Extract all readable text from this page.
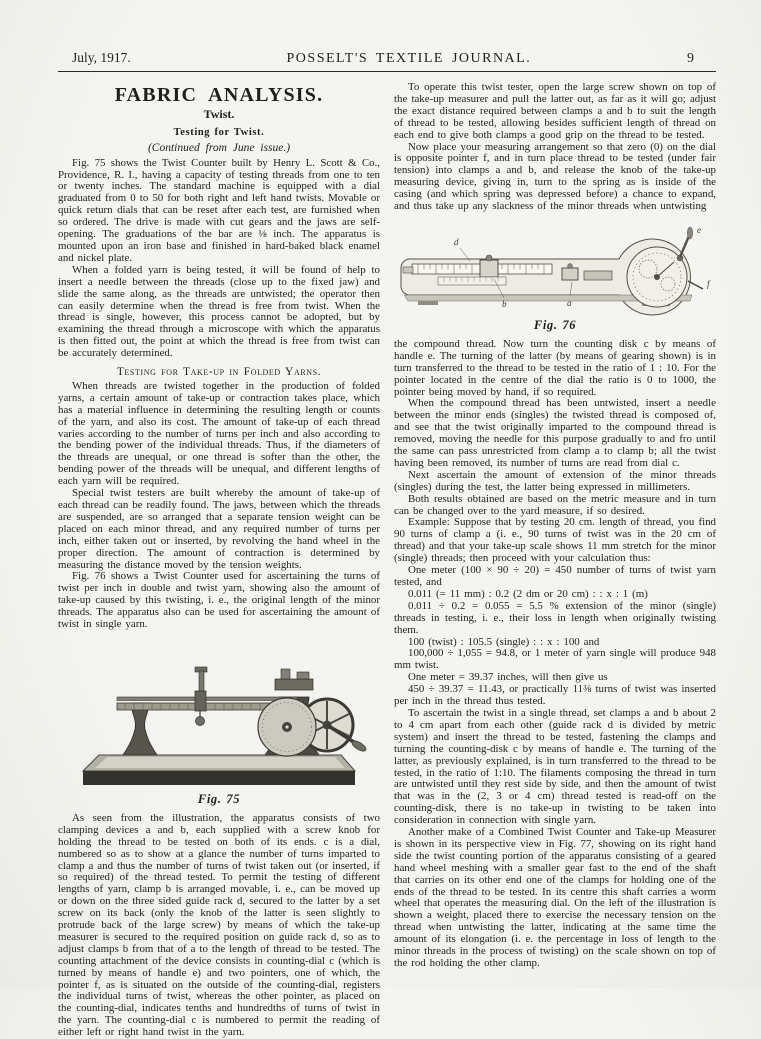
July, 1917.	POSSELT'S TEXTILE JOURNAL.	9
FABRIC ANALYSIS.
Twist.
Testing for Twist.
(Continued from June issue.)

Fig. 75 shows the Twist Counter built by Henry L. Scott & Co., Providence, R. I., having a capacity of testing threads from one to ten or twenty inches. The standard machine is equipped with a dial graduated from 0 to 50 for both right and left hand twists. Movable or quick return dials that can be reset after each test, are furnished when so ordered. The drive is made with cut gears and the jaws are self-opening. The graduations of the bar are ⅛ inch. The apparatus is mounted upon an iron base and finished in hard-baked black enamel and nickel plate.

When a folded yarn is being tested, it will be found of help to insert a needle between the threads (close up to the fixed jaw) and slide the same along, as the threads are untwisted; the operator then can easily determine when the thread is free from twist. When the thread is single, however, this process cannot be adopted, but by examining the thread through a microscope with which the apparatus is then fitted out, the point at which the thread is free from twist can be accurately determined.

Testing for Take-up in Folded Yarns.

When threads are twisted together in the production of folded yarns, a certain amount of take-up or contraction takes place, which has a material influence in determining the resulting length or counts of the yarn, and also its cost. The amount of take-up of each thread varies according to the number of turns per inch and also according to the bending power of the individual threads. Thus, if the diameters of the threads are unequal, or one thread is softer than the other, the bending power of the threads will be unequal, and different lengths of each yarn will be required.

Special twist testers are built whereby the amount of take-up of each thread can be readily found. The jaws, between which the threads are suspended, are so arranged that a separate tension weight can be placed on each minor thread, and any required number of turns per inch, either taken out or inserted, by revolving the hand wheel in the proper direction. The amount of contraction is determined by measuring the distance moved by the tension weights.

Fig. 76 shows a Twist Counter used for ascertaining the turns of twist per inch in double and twist yarn, showing also the amount of take-up caused by this twisting, i. e., the original length of the minor threads. The apparatus also can be used for ascertaining the amount of twist in single yarn.

Fig. 75

As seen from the illustration, the apparatus consists of two clamping devices a and b, each supplied with a screw knob for holding the thread to be tested on both of its ends. c is a dial, numbered so as to show at a glance the number of turns imparted to clamp a and thus the number of turns of twist taken out (or inserted, if so required) of the thread tested. To permit the testing of different lengths of yarn, clamp b is arranged movable, i. e., can be moved up or down on the three sided guide rack d, secured to the latter by a set screw on its back (only the knob of the latter is seen slightly to protrude back of the large screw) by means of which the take-up measurer is secured to the required position on guide rack d, so as to adjust clamps b from that of a to the length of thread to be tested. The counting attachment of the device consists in counting-dial c (which is turned by means of handle e) and two pointers, one of which, the pointer f, as is situated on the outside of the counting-dial, registers the individual turns of twist, whereas the other pointer, as placed on the counting-dial, indicates tenths and hundredths of turns of twist in the yarn. The counting-dial c is numbered to permit the reading of either left or right hand twist in the yarn.

To operate this twist tester, open the large screw shown on top of the take-up measurer and pull the latter out, as far as it will go; adjust the exact distance required between clamps a and b to suit the length of thread to be tested, allowing besides sufficient length of thread on each end to give both clamps a good grip on the thread to be tested.

Now place your measuring arrangement so that zero (0) on the dial is opposite pointer f, and in turn place thread to be tested (under fair tension) into clamps a and b, and release the knob of the take-up measuring device, giving in, turn to the spring as is inside of the casing (and which spring was depressed before) a chance to expand, and thus take up any slackness of the minor threads when untwisting

d
b	a
e
f
Fig. 76

the compound thread. Now turn the counting disk c by means of handle e. The turning of the latter (by means of gearing shown) is in turn transferred to the thread to be tested in the ratio of 1 : 10. For the pointer located in the centre of the dial the ratio is 0 to 1000, the pointer being moved by hand, if so required.

When the compound thread has been untwisted, insert a needle between the minor ends (singles) the twisted thread is composed of, and see that the twist originally imparted to the compound thread is removed, moving the needle for this purpose gradually to and fro until the same can pass unrestricted from clamp a to clamp b; all the twist having been removed, its number of turns are read from dial c.

Next ascertain the amount of extension of the minor threads (singles) during the test, the latter being expressed in millimeters.

Both results obtained are based on the metric measure and in turn can be changed over to the yard measure, if so desired.

Example: Suppose that by testing 20 cm. length of thread, you find 90 turns of clamp a (i. e., 90 turns of twist was in the 20 cm of thread) and that your take-up scale shows 11 mm stretch for the minor (single) threads; then proceed with your calculation thus:

One meter (100 × 90 ÷ 20) = 450 number of turns of twist yarn tested, and

0.011 (= 11 mm) : 0.2 (2 dm or 20 cm) : : x : 1 (m)

0.011 ÷ 0.2 = 0.055 = 5.5 % extension of the minor (single) threads in testing, i. e., their loss in length when originally twisting them.

100 (twist) : 105.5 (single) : : x : 100 and

100,000 ÷ 1,055 = 94.8, or 1 meter of yarn single will produce 948 mm twist.

One meter = 39.37 inches, will then give us

450 ÷ 39.37 = 11.43, or practically 11⅜ turns of twist was inserted per inch in the thread thus tested.

To ascertain the twist in a single thread, set clamps a and b about 2 to 4 cm apart from each other (guide rack d is divided by metric system) and insert the thread to be tested, fastening the clamps and turning the counting-disk c by means of handle e. The turning of the latter, as previously explained, is in turn transferred to the thread to be tested, in the ratio of 1:10. The filaments composing the thread in turn are untwisted until they rest side by side, and then the amount of twist that was in the (2, 3 or 4 cm) thread tested is read-off on the counting-disk, there is no take-up in twisting to be taken into consideration in connection with single yarn.

Another make of a Combined Twist Counter and Take-up Measurer is shown in its perspective view in Fig. 77, showing on its right hand side the twist counting portion of the apparatus consisting of a geared hand wheel meshing with a smaller gear fast to the end of the shaft that carries on its other end one of the clamps for holding one of the ends of the thread to be tested. In its centre this shaft carries a worm wheel that operates the measuring dial. On the left of the illustration is shown a weight, placed there to exercise the necessary tension on the thread when untwisting the latter, indicating at the same time the amount of its elongation (i. e. the percentage in loss of length to the minor threads in the process of twisting) on the scale shown on top of the rod holding the other clamp.
